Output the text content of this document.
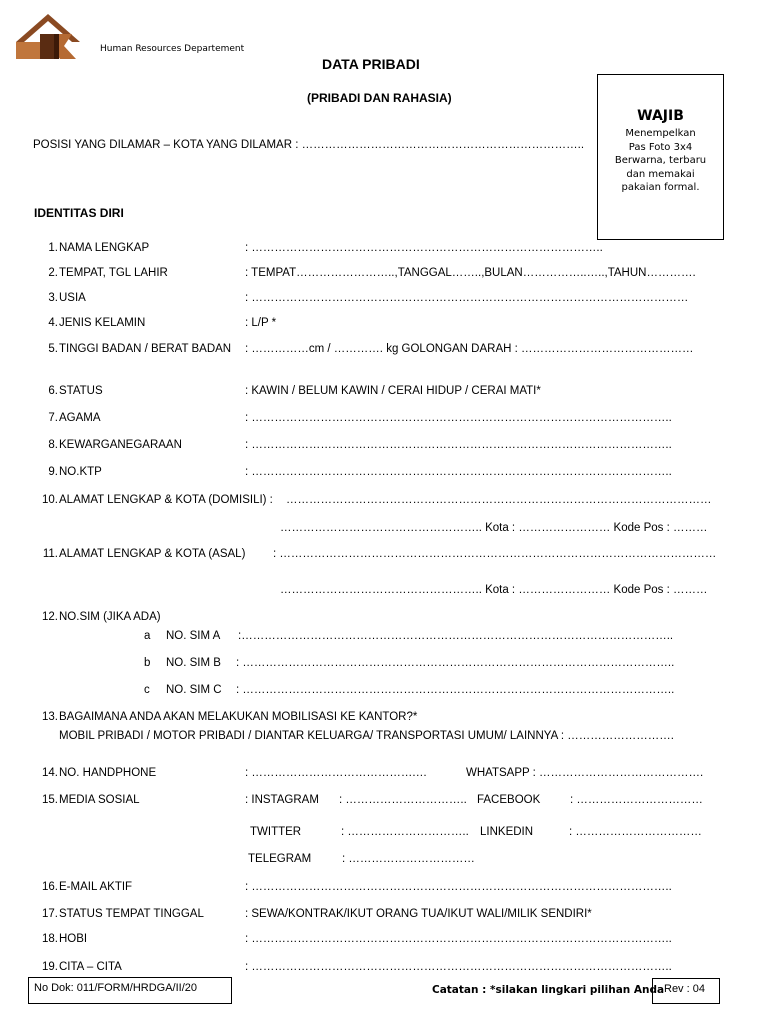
Human Resources Departement
DATA PRIBADI
(PRIBADI DAN RAHASIA)
WAJIB
Menempelkan
Pas Foto 3x4
Berwarna, terbaru
dan memakai
pakaian formal.
POSISI YANG DILAMAR – KOTA YANG DILAMAR : ………………………………………………………………..
IDENTITAS DIRI
1. NAMA LENGKAP	: ………………………………………………………………………………..
2. TEMPAT, TGL LAHIR	: TEMPAT……………………..,TANGGAL……..,BULAN……………..…..,TAHUN………….
3. USIA	: ……………………………………………………………………………………………………
4. JENIS KELAMIN	: L/P *
5. TINGGI BADAN / BERAT BADAN : ……………cm / …………. kg GOLONGAN DARAH : ………………………………………
6. STATUS	: KAWIN / BELUM KAWIN / CERAI HIDUP / CERAI MATI*
7. AGAMA	: ………………………………………………………………………………………………..
8. KEWARGANEGARAAN	: ………………………………………………………………………………………………..
9. NO.KTP	: ………………………………………………………………………………………………..
10. ALAMAT LENGKAP & KOTA (DOMISILI) : …………………………………………………………………………………………………
…………………………………………….. Kota : …………………… Kode Pos : ………
11. ALAMAT LENGKAP & KOTA (ASAL) : ……………………………………………………………………………………………………
…………………………………………….. Kota : …………………… Kode Pos : ………
12. NO.SIM (JIKA ADA)
a NO. SIM A :…………………………………………………………………………………………………..
b NO. SIM B : …………………………………………………………………………………………………..
c NO. SIM C : …………………………………………………………………………………………………..
13. BAGAIMANA ANDA AKAN MELAKUKAN MOBILISASI KE KANTOR?*
MOBIL PRIBADI / MOTOR PRIBADI / DIANTAR KELUARGA/ TRANSPORTASI UMUM/ LAINNYA : ……………………….
14. NO. HANDPHONE	: …………………………………….…	WHATSAPP : …………………………………….
15. MEDIA SOSIAL	: INSTAGRAM : ………………………….. FACEBOOK	: ……………………………
TWITTER	: ………………………….. LINKEDIN	: ……………………………
TELEGRAM	: ……………………………
16. E-MAIL AKTIF	: ………………………………………………………………………………………………..
17. STATUS TEMPAT TINGGAL	: SEWA/KONTRAK/IKUT ORANG TUA/IKUT WALI/MILIK SENDIRI*
18. HOBI	: ………………………………………………………………………………………………..
19. CITA – CITA	: ………………………………………………………………………………………………..
No Dok: 011/FORM/HRDGA/II/20	Catatan : *silakan lingkari pilihan Anda Rev : 04
